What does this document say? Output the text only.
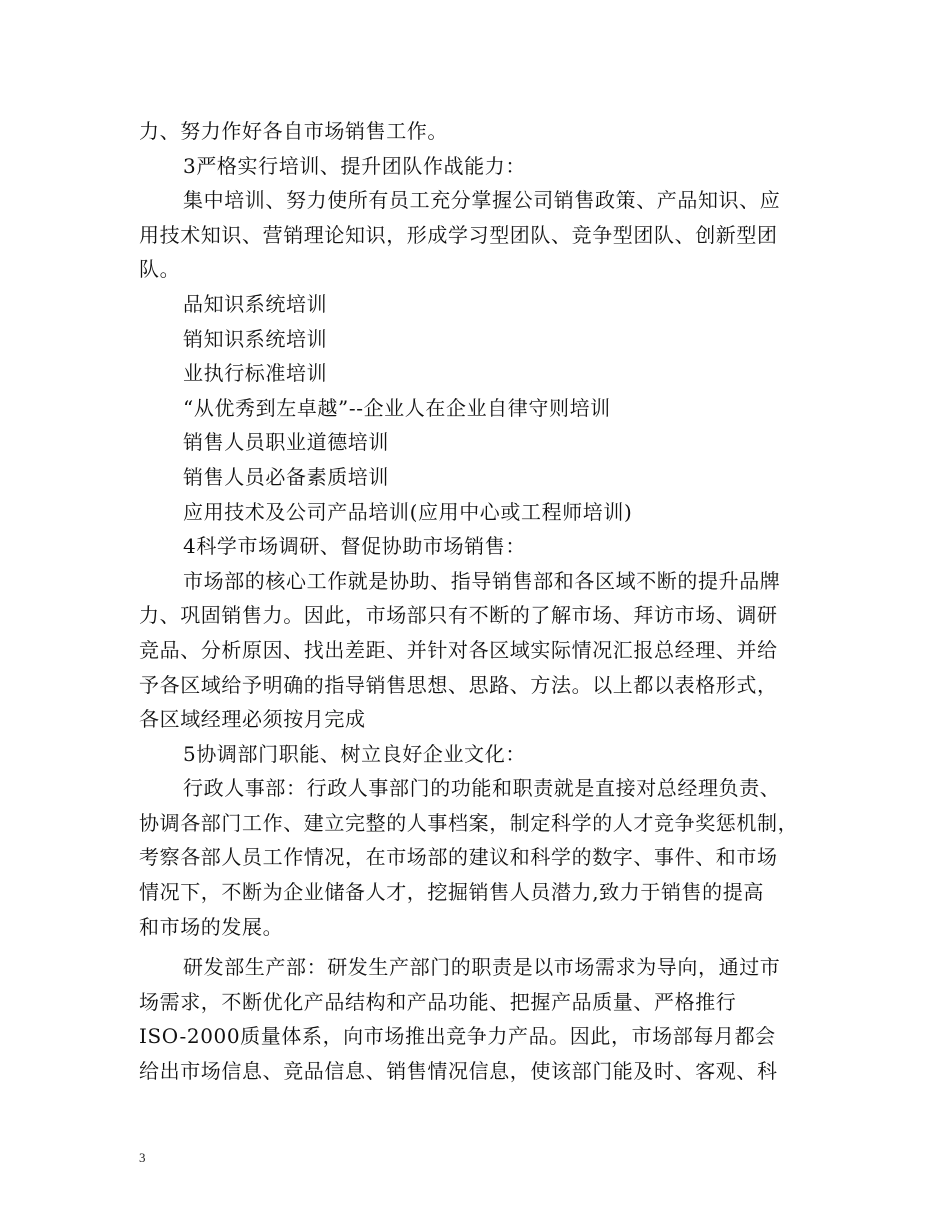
力、努力作好各自市场销售工作。
3严格实行培训、提升团队作战能力：
集中培训、努力使所有员工充分掌握公司销售政策、产品知识、应
用技术知识、营销理论知识，形成学习型团队、竞争型团队、创新型团
队。
品知识系统培训
销知识系统培训
业执行标准培训
“从优秀到左卓越”--企业人在企业自律守则培训
销售人员职业道德培训
销售人员必备素质培训
应用技术及公司产品培训(应用中心或工程师培训)
4科学市场调研、督促协助市场销售：
市场部的核心工作就是协助、指导销售部和各区域不断的提升品牌
力、巩固销售力。因此，市场部只有不断的了解市场、拜访市场、调研
竞品、分析原因、找出差距、并针对各区域实际情况汇报总经理、并给
予各区域给予明确的指导销售思想、思路、方法。以上都以表格形式，
各区域经理必须按月完成
5协调部门职能、树立良好企业文化：
行政人事部：行政人事部门的功能和职责就是直接对总经理负责、
协调各部门工作、建立完整的人事档案，制定科学的人才竞争奖惩机制，
考察各部人员工作情况，在市场部的建议和科学的数字、事件、和市场
情况下，不断为企业储备人才，挖掘销售人员潜力,致力于销售的提高
和市场的发展。
研发部生产部：研发生产部门的职责是以市场需求为导向，通过市
场需求，不断优化产品结构和产品功能、把握产品质量、严格推行
ISO-2000质量体系，向市场推出竞争力产品。因此，市场部每月都会
给出市场信息、竞品信息、销售情况信息，使该部门能及时、客观、科
3
